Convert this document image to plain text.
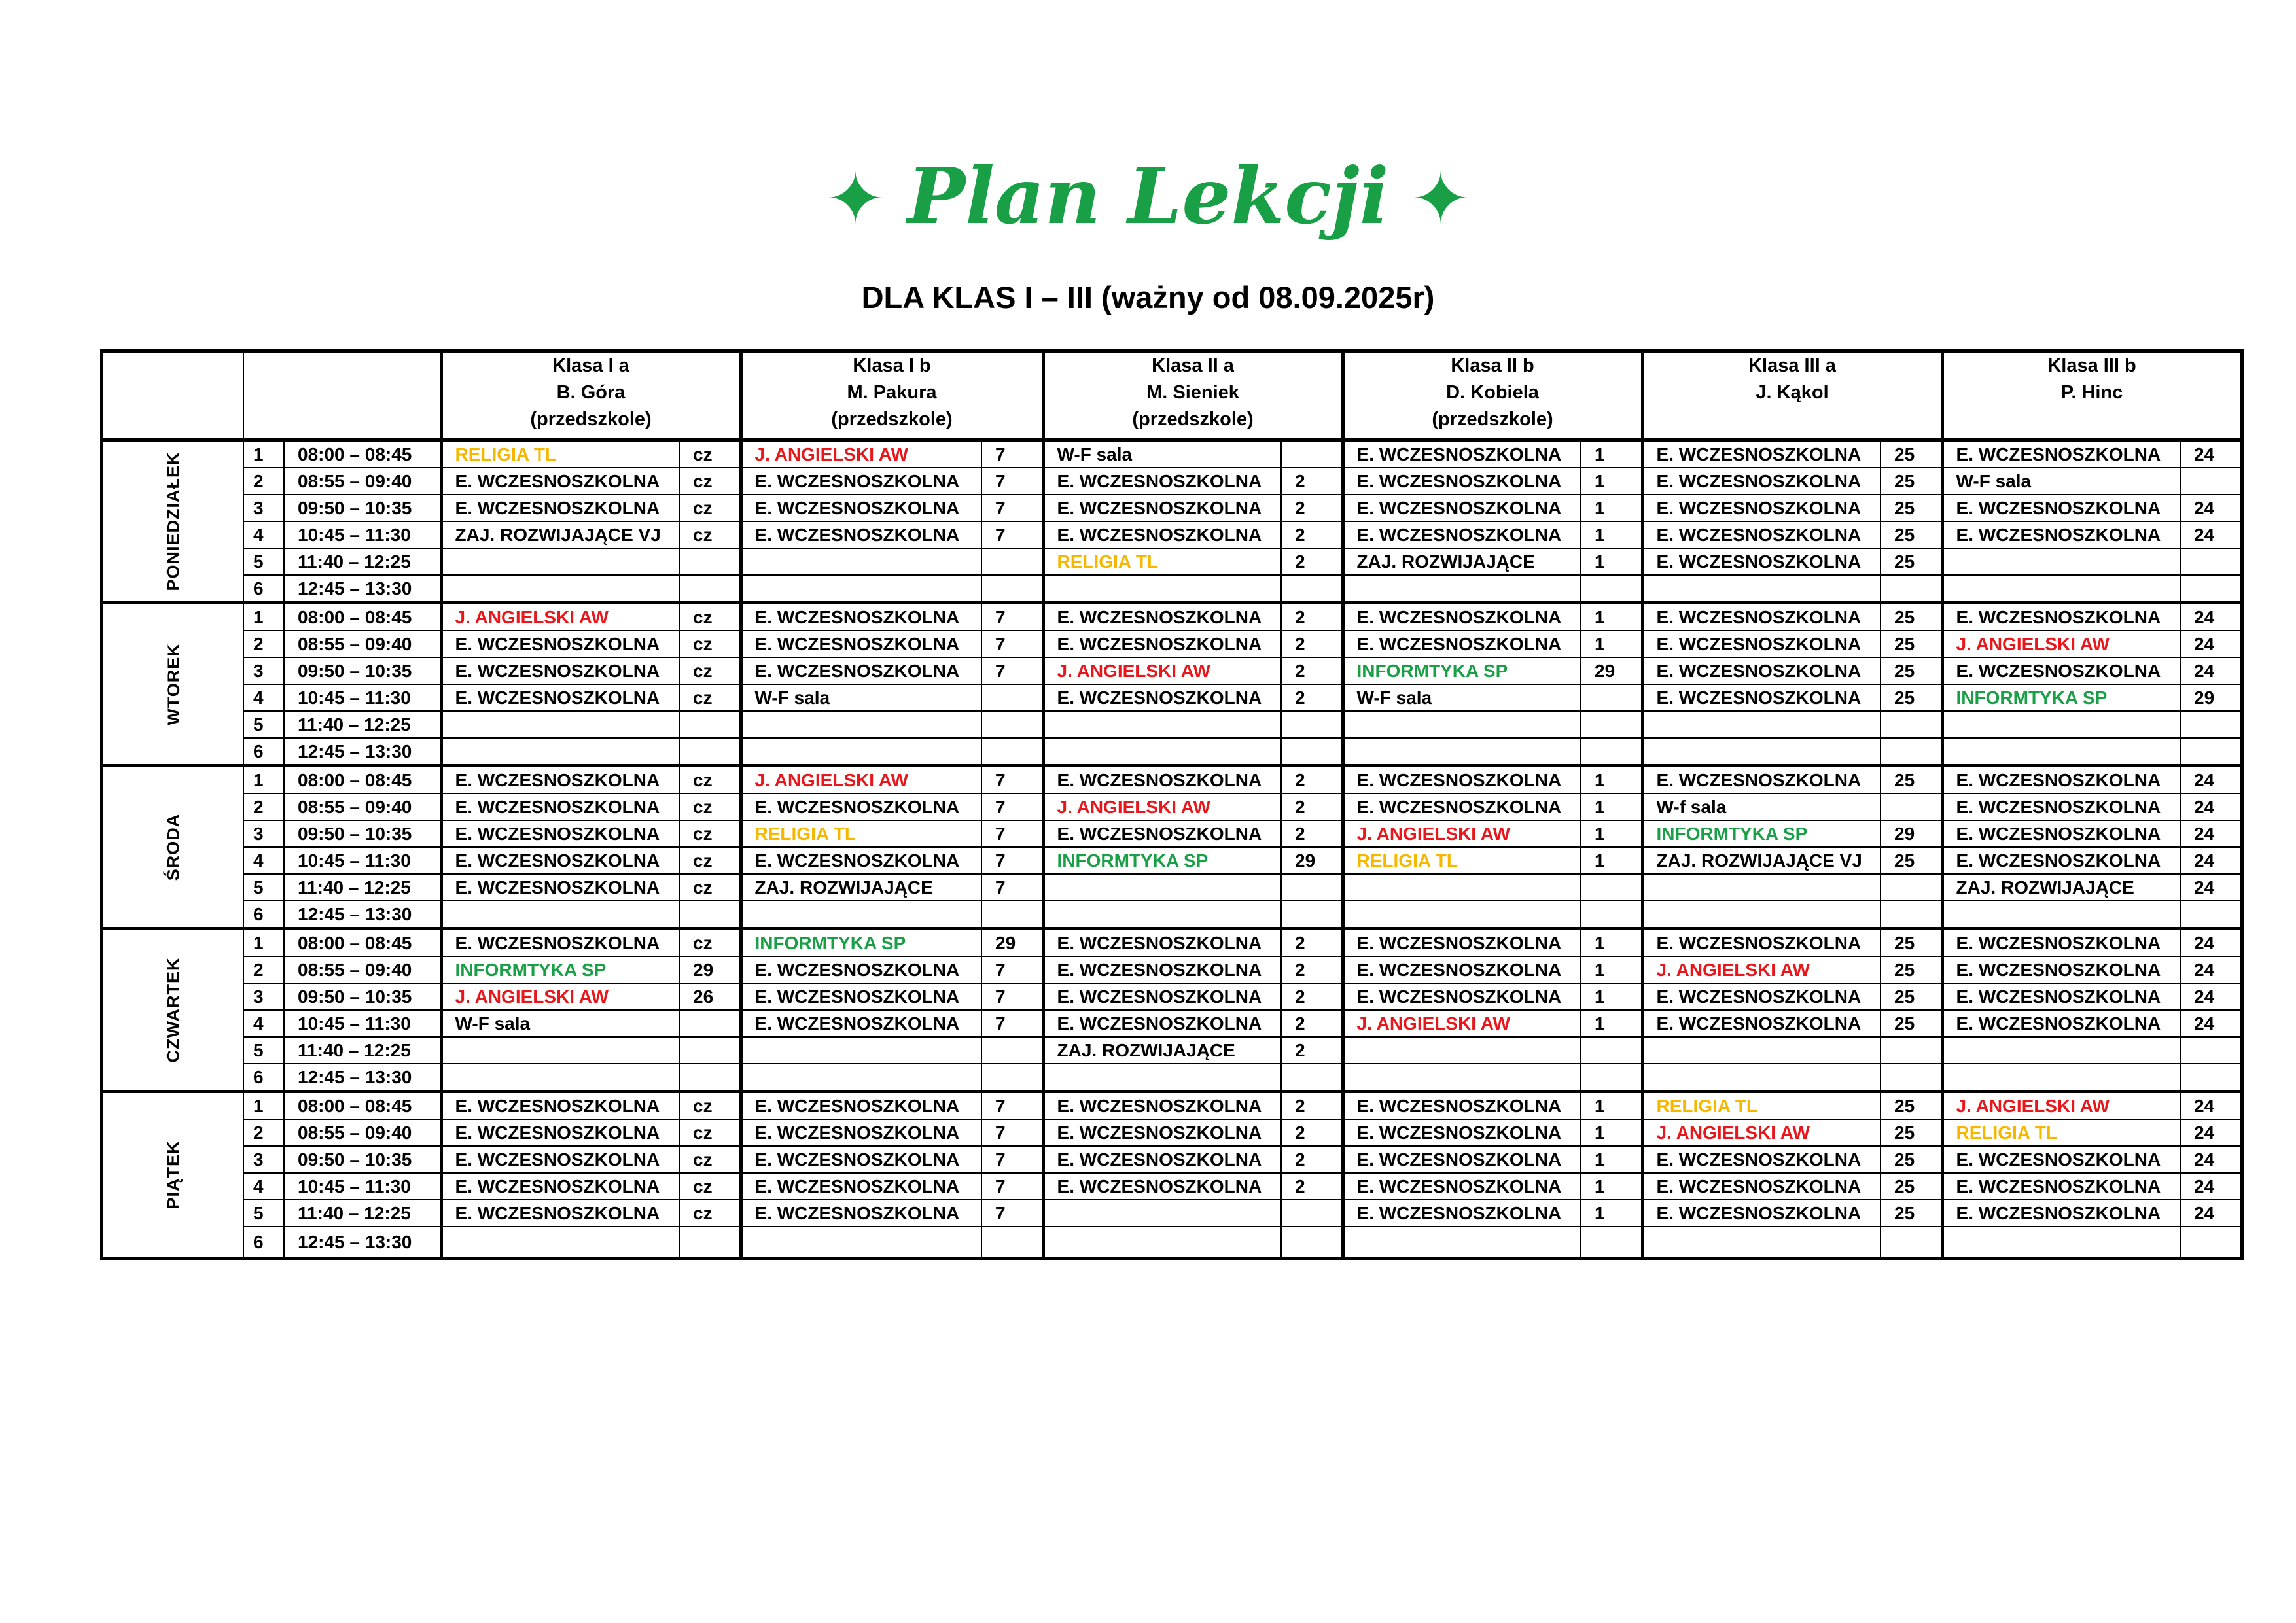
✦ Plan Lekcji ✦
DLA KLAS I – III (ważny od 08.09.2025r)

			Klasa I a
B. Góra
(przedszkole)		Klasa I b
M. Pakura
(przedszkole)		Klasa II a
M. Sieniek
(przedszkole)		Klasa II b
D. Kobiela
(przedszkole)		Klasa III a
J. Kąkol		Klasa III b
P. Hinc	

PONIEDZIAŁEK	1	08:00 – 08:45	RELIGIA TL	cz	J. ANGIELSKI AW	7	W-F sala		E. WCZESNOSZKOLNA	1	E. WCZESNOSZKOLNA	25	E. WCZESNOSZKOLNA	24
	2	08:55 – 09:40	E. WCZESNOSZKOLNA	cz	E. WCZESNOSZKOLNA	7	E. WCZESNOSZKOLNA	2	E. WCZESNOSZKOLNA	1	E. WCZESNOSZKOLNA	25	W-F sala	
	3	09:50 – 10:35	E. WCZESNOSZKOLNA	cz	E. WCZESNOSZKOLNA	7	E. WCZESNOSZKOLNA	2	E. WCZESNOSZKOLNA	1	E. WCZESNOSZKOLNA	25	E. WCZESNOSZKOLNA	24
	4	10:45 – 11:30	ZAJ. ROZWIJAJĄCE VJ	cz	E. WCZESNOSZKOLNA	7	E. WCZESNOSZKOLNA	2	E. WCZESNOSZKOLNA	1	E. WCZESNOSZKOLNA	25	E. WCZESNOSZKOLNA	24
	5	11:40 – 12:25					RELIGIA TL	2	ZAJ. ROZWIJAJĄCE	1	E. WCZESNOSZKOLNA	25		
	6	12:45 – 13:30												
WTOREK	1	08:00 – 08:45	J. ANGIELSKI AW	cz	E. WCZESNOSZKOLNA	7	E. WCZESNOSZKOLNA	2	E. WCZESNOSZKOLNA	1	E. WCZESNOSZKOLNA	25	E. WCZESNOSZKOLNA	24
	2	08:55 – 09:40	E. WCZESNOSZKOLNA	cz	E. WCZESNOSZKOLNA	7	E. WCZESNOSZKOLNA	2	E. WCZESNOSZKOLNA	1	E. WCZESNOSZKOLNA	25	J. ANGIELSKI AW	24
	3	09:50 – 10:35	E. WCZESNOSZKOLNA	cz	E. WCZESNOSZKOLNA	7	J. ANGIELSKI AW	2	INFORMTYKA SP	29	E. WCZESNOSZKOLNA	25	E. WCZESNOSZKOLNA	24
	4	10:45 – 11:30	E. WCZESNOSZKOLNA	cz	W-F sala		E. WCZESNOSZKOLNA	2	W-F sala		E. WCZESNOSZKOLNA	25	INFORMTYKA SP	29
	5	11:40 – 12:25												
	6	12:45 – 13:30												
ŚRODA	1	08:00 – 08:45	E. WCZESNOSZKOLNA	cz	J. ANGIELSKI AW	7	E. WCZESNOSZKOLNA	2	E. WCZESNOSZKOLNA	1	E. WCZESNOSZKOLNA	25	E. WCZESNOSZKOLNA	24
	2	08:55 – 09:40	E. WCZESNOSZKOLNA	cz	E. WCZESNOSZKOLNA	7	J. ANGIELSKI AW	2	E. WCZESNOSZKOLNA	1	W-f sala		E. WCZESNOSZKOLNA	24
	3	09:50 – 10:35	E. WCZESNOSZKOLNA	cz	RELIGIA TL	7	E. WCZESNOSZKOLNA	2	J. ANGIELSKI AW	1	INFORMTYKA SP	29	E. WCZESNOSZKOLNA	24
	4	10:45 – 11:30	E. WCZESNOSZKOLNA	cz	E. WCZESNOSZKOLNA	7	INFORMTYKA SP	29	RELIGIA TL	1	ZAJ. ROZWIJAJĄCE VJ	25	E. WCZESNOSZKOLNA	24
	5	11:40 – 12:25	E. WCZESNOSZKOLNA	cz	ZAJ. ROZWIJAJĄCE	7							ZAJ. ROZWIJAJĄCE	24
	6	12:45 – 13:30												
CZWARTEK	1	08:00 – 08:45	E. WCZESNOSZKOLNA	cz	INFORMTYKA SP	29	E. WCZESNOSZKOLNA	2	E. WCZESNOSZKOLNA	1	E. WCZESNOSZKOLNA	25	E. WCZESNOSZKOLNA	24
	2	08:55 – 09:40	INFORMTYKA SP	29	E. WCZESNOSZKOLNA	7	E. WCZESNOSZKOLNA	2	E. WCZESNOSZKOLNA	1	J. ANGIELSKI AW	25	E. WCZESNOSZKOLNA	24
	3	09:50 – 10:35	J. ANGIELSKI AW	26	E. WCZESNOSZKOLNA	7	E. WCZESNOSZKOLNA	2	E. WCZESNOSZKOLNA	1	E. WCZESNOSZKOLNA	25	E. WCZESNOSZKOLNA	24
	4	10:45 – 11:30	W-F sala		E. WCZESNOSZKOLNA	7	E. WCZESNOSZKOLNA	2	J. ANGIELSKI AW	1	E. WCZESNOSZKOLNA	25	E. WCZESNOSZKOLNA	24
	5	11:40 – 12:25					ZAJ. ROZWIJAJĄCE	2						
	6	12:45 – 13:30												
PIĄTEK	1	08:00 – 08:45	E. WCZESNOSZKOLNA	cz	E. WCZESNOSZKOLNA	7	E. WCZESNOSZKOLNA	2	E. WCZESNOSZKOLNA	1	RELIGIA TL	25	J. ANGIELSKI AW	24
	2	08:55 – 09:40	E. WCZESNOSZKOLNA	cz	E. WCZESNOSZKOLNA	7	E. WCZESNOSZKOLNA	2	E. WCZESNOSZKOLNA	1	J. ANGIELSKI AW	25	RELIGIA TL	24
	3	09:50 – 10:35	E. WCZESNOSZKOLNA	cz	E. WCZESNOSZKOLNA	7	E. WCZESNOSZKOLNA	2	E. WCZESNOSZKOLNA	1	E. WCZESNOSZKOLNA	25	E. WCZESNOSZKOLNA	24
	4	10:45 – 11:30	E. WCZESNOSZKOLNA	cz	E. WCZESNOSZKOLNA	7	E. WCZESNOSZKOLNA	2	E. WCZESNOSZKOLNA	1	E. WCZESNOSZKOLNA	25	E. WCZESNOSZKOLNA	24
	5	11:40 – 12:25	E. WCZESNOSZKOLNA	cz	E. WCZESNOSZKOLNA	7			E. WCZESNOSZKOLNA	1	E. WCZESNOSZKOLNA	25	E. WCZESNOSZKOLNA	24
	6	12:45 – 13:30												
